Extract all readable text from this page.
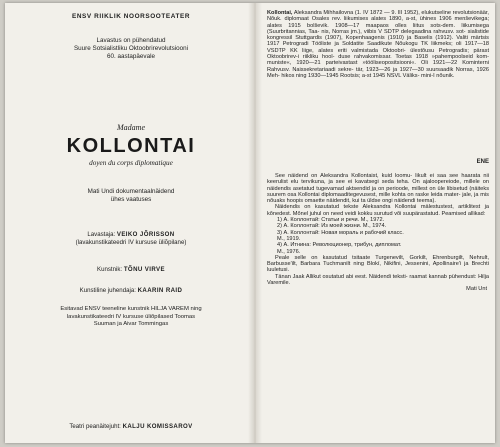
ENSV RIIKLIK NOORSOOTEATER
Lavastus on pühendatud
Suure Sotsialistliku Oktoobrirevolutsiooni
60. aastapäevale
Madame
KOLLONTAI
doyen du corps diplomatique
Mati Undi dokumentaalnäidend
ühes vaatuses
Lavastaja: VEIKO JÕRISSON
(lavakunstikateedri IV kursuse üliõpilane)
Kunstnik: TÕNU VIRVE
Kunstiline juhendaja: KAARIN RAID
Esitavad ENSV teeneline kunstnik HILJA VAREM ning
lavakunstikateedri IV kursuse üliõpilased Toomas
Suuman ja Aivar Tommingas
Teatri peanäitejuht: KALJU KOMISSAROV
Kollontai, Aleksandra Mihhailovna (1. IV 1872 — 9. III 1952), elukutseline revolutsionäär, Nõuk. diplomaat Osales rev. liikumises alates 1890, a-st, ühines 1906 menševikega; alates 1915 bolševik. 1908—17 maapaos olles liitus sots-dem. liikumisega (Suurbritannias, Taa- nis, Norras jm.), viibis V SDTP delegaadina rahvusv. sot- sialistide kongressil Stuttgardis (1907), Kopenhaagenis (1910) ja Baselis (1912). Valiti märtsis 1917 Petrogradi Tööliste ja Soldatite Saadikute Nõukogu TK liikmeks; oli 1917—18 VSDTP KK liige, alates eriti valmistada Oktoobri- ülestõusu Petrogradis; pärast Oktoobrirev-i riikliku hool- duse rahvakomissar. Toetas 1918 »pahempoolseid kom- muniste«, 1920—21 parteivastast »tööliseopositsiooni«. Oli 1921—22 Kominterni Rahvusv. Naissekretariaadi sekre- tär, 1923—26 ja 1927—30 suursaadik Norras, 1926 Meh- hikos ning 1930—1945 Rootsis; a-st 1945 NSVL Väliks- mini-I nõunik.
ENE

See näidend on Aleksandra Kollontaist, kuid loomu- likult ei saa see haarata nii keerulist elu tervikuna, ja see ei kavatsegi seda teha. On ajaloopereiode, millele on näidendis asetatud tugevamad aktsendid ja on perioode, millest on üle libisetud (näiteks suurem osa Kollontai diplomaaditegevusest, mille kohta on raske leida mater- jale, ja mis nõuaks hoopis omaette näidendit, kui ta üldse ongi näidendi teema).

Näidendis on kasutatud tekste Aleksandra Kollontai mälestustest, artiklitest ja kõnedest. Mõnel juhul on need veidi kokku surutud või suupärastatud. Peamised allikad:

1) А. Коллонтай: Статьи и речи. М., 1972.

2) А. Коллонтай: Из моей жизни. М., 1974.

3) А. Коллонтай: Новая мораль и рабочий класс.

М., 1919.

4) А. Итнина: Революционер, трибун, дипломат.

М., 1976.

Peale selle on kasutatud tsitaate Turgenevilt, Gorkilt, Ehrenburgilt, Nehrult, Barbusse'ilt, Barbara Tuchmanilt ning Blokí, Nikifini, Jessenini, Apollinaire'i ja Brechti luuletusi.

Tänan Jaak Allikut osutatud abi eest. Näidendi teksti- raamat kannab pühendust: Hilja Varemile.

Mati Unt
